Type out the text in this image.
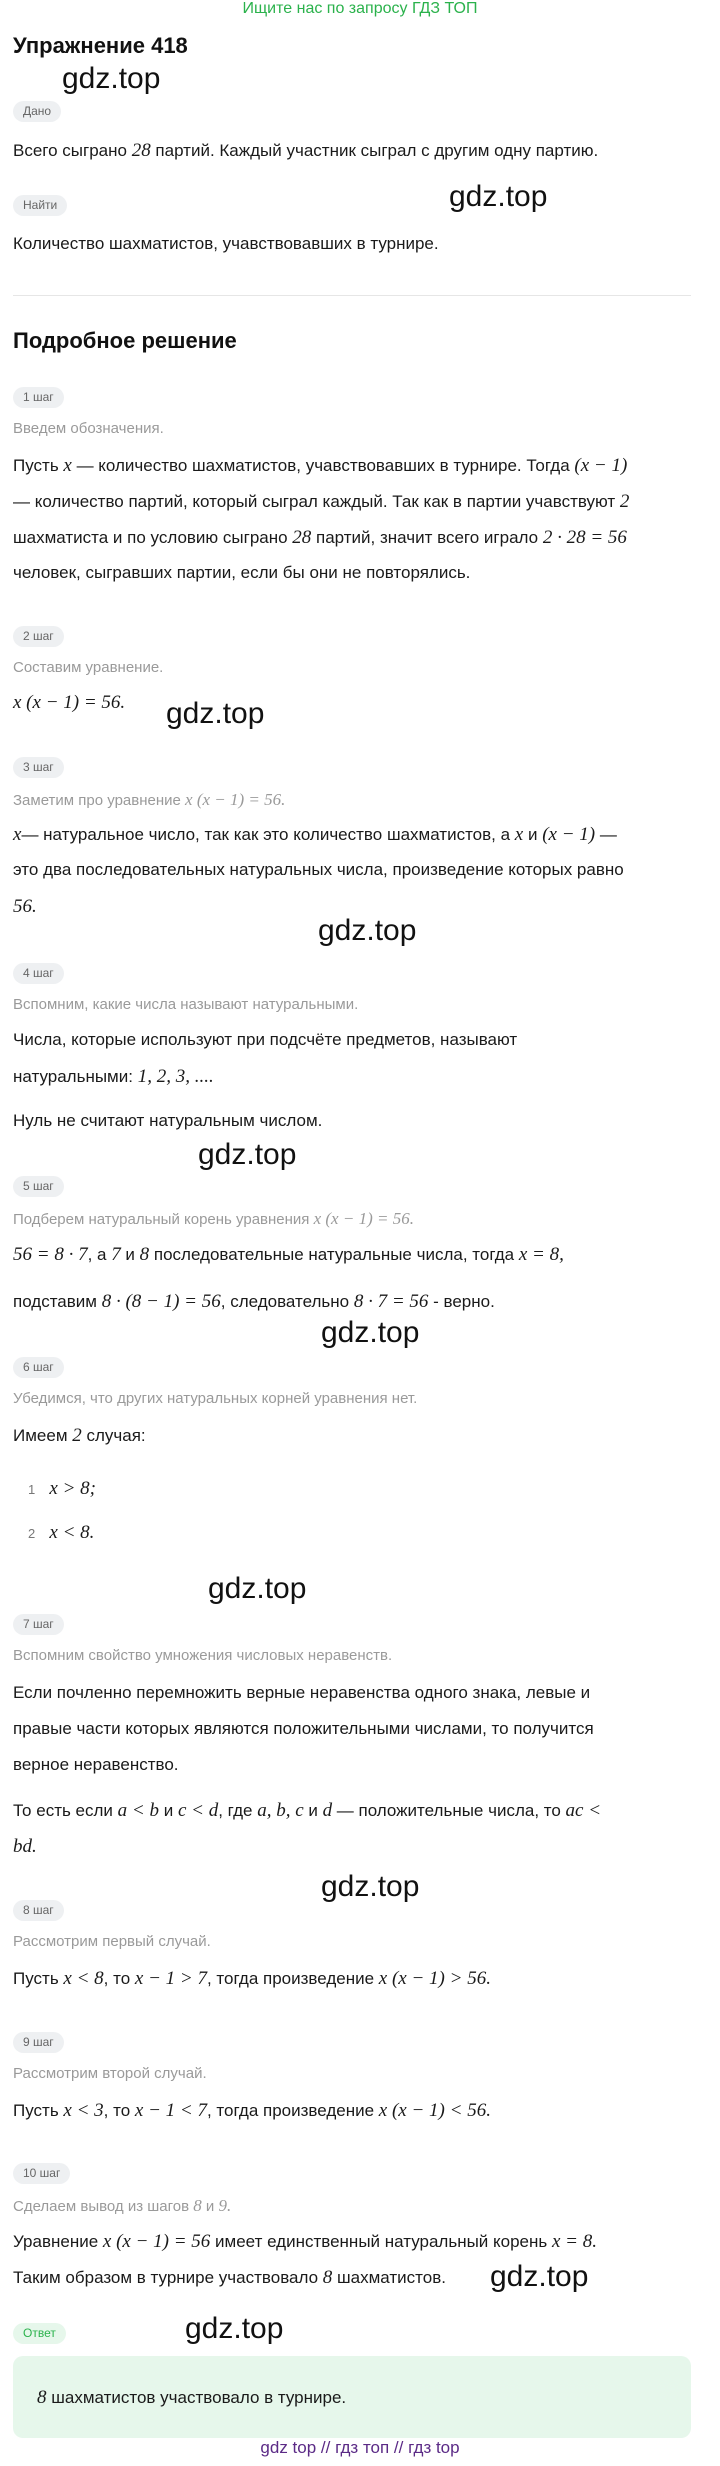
Ищите нас по запросу ГДЗ ТОП
Упражнение 418
gdz.top
gdz.top
gdz.top
gdz.top
gdz.top
gdz.top
gdz.top
gdz.top
gdz.top
gdz.top
Дано
Всего сыграно 28 партий. Каждый участник сыграл с другим одну партию.
Найти
Количество шахматистов, учавствовавших в турнире.
Подробное решение
1 шаг
Введем обозначения.
Пусть x — количество шахматистов, учавствовавших в турнире. Тогда (x − 1)
— количество партий, который сыграл каждый. Так как в партии учавствуют 2
шахматиста и по условию сыграно 28 партий, значит всего играло 2 · 28 = 56
человек, сыгравших партии, если бы они не повторялись.
2 шаг
Составим уравнение.
x (x − 1) = 56.
3 шаг
Заметим про уравнение x (x − 1) = 56.
x— натуральное число, так как это количество шахматистов, а x и (x − 1) —
это два последовательных натуральных числа, произведение которых равно
56.
4 шаг
Вспомним, какие числа называют натуральными.
Числа, которые используют при подсчёте предметов, называют
натуральными: 1, 2, 3, ....
Нуль не считают натуральным числом.
5 шаг
Подберем натуральный корень уравнения x (x − 1) = 56.
56 = 8 · 7, а 7 и 8 последовательные натуральные числа, тогда x = 8,
подставим 8 · (8 − 1) = 56, следовательно 8 · 7 = 56 - верно.
6 шаг
Убедимся, что других натуральных корней уравнения нет.
Имеем 2 случая:
1 x > 8;
2 x < 8.
7 шаг
Вспомним свойство умножения числовых неравенств.
Если почленно перемножить верные неравенства одного знака, левые и
правые части которых являются положительными числами, то получится
верное неравенство.
То есть если a < b и c < d, где a, b, c и d — положительные числа, то ac <
bd.
8 шаг
Рассмотрим первый случай.
Пусть x < 8, то x − 1 > 7, тогда произведение x (x − 1) > 56.
9 шаг
Рассмотрим второй случай.
Пусть x < 3, то x − 1 < 7, тогда произведение x (x − 1) < 56.
10 шаг
Сделаем вывод из шагов 8 и 9.
Уравнение x (x − 1) = 56 имеет единственный натуральный корень x = 8.
Таким образом в турнире участвовало 8 шахматистов.
Ответ
8 шахматистов участвовало в турнире.
gdz top // гдз топ // гдз top
